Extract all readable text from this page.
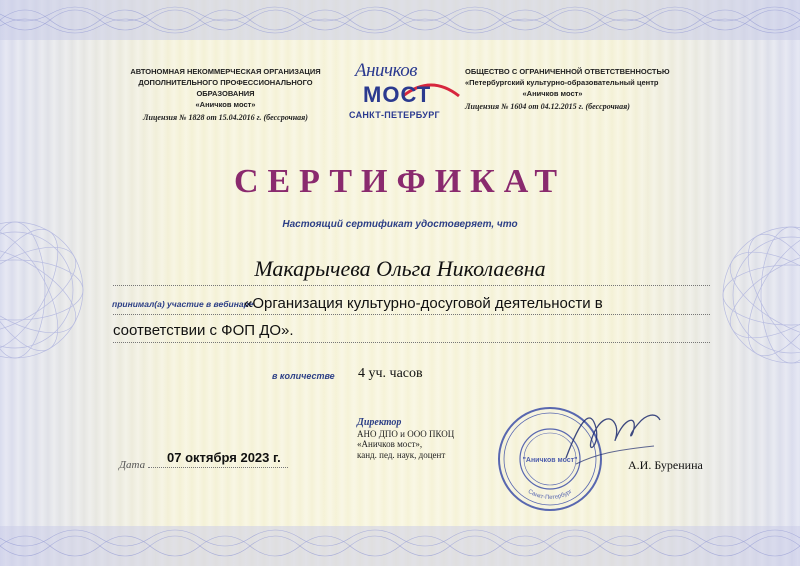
АВТОНОМНАЯ НЕКОММЕРЧЕСКАЯ ОРГАНИЗАЦИЯ
ДОПОЛНИТЕЛЬНОГО ПРОФЕССИОНАЛЬНОГО ОБРАЗОВАНИЯ
«Аничков мост»
Лицензия № 1828 от 15.04.2016 г. (бессрочная)
Аничков
МОСТ
САНКТ-ПЕТЕРБУРГ
ОБЩЕСТВО С ОГРАНИЧЕННОЙ ОТВЕТСТВЕННОСТЬЮ
«Петербургский культурно-образовательный центр
«Аничков мост»
Лицензия № 1604 от 04.12.2015 г. (бессрочная)
СЕРТИФИКАТ
Настоящий сертификат удостоверяет, что
Макарычева Ольга Николаевна
принимал(а) участие в вебинаре
«Организация культурно-досуговой деятельности в
соответствии с ФОП ДО».
в количестве 4 уч. часов
Дата 07 октября 2023 г.
Директор
АНО ДПО и ООО ПКОЦ
«Аничков мост»,
канд. пед. наук, доцент
"Аничков мост"
Санкт-Петербург
А.И. Буренина
